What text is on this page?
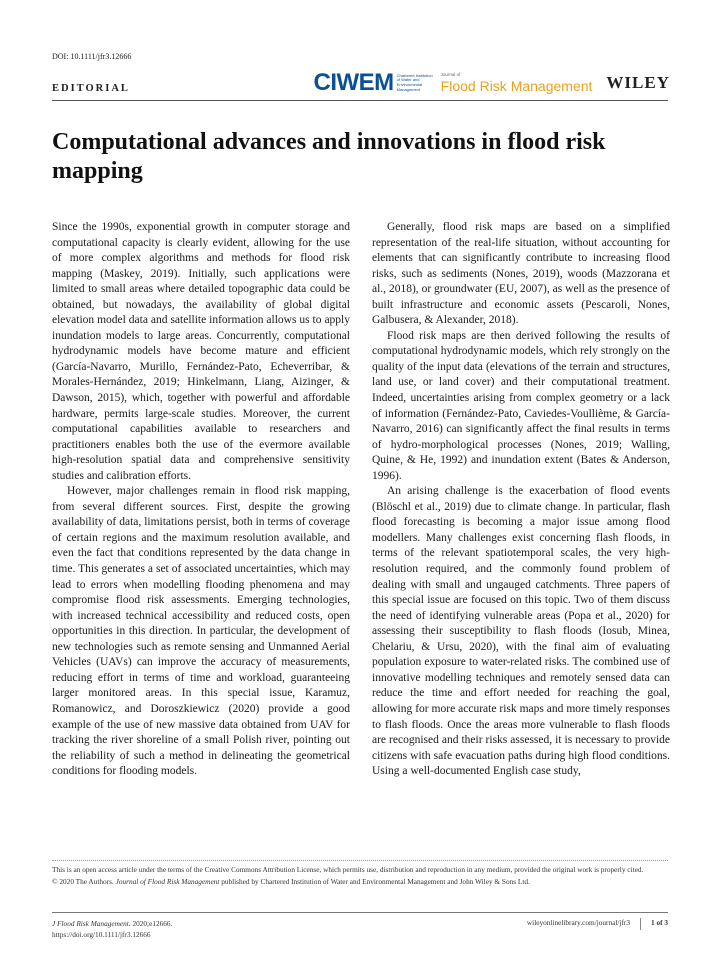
DOI: 10.1111/jfr3.12666
EDITORIAL	CIWEM Chartered Institution of Water and Environmental Management
Journal of
Flood Risk Management WILEY
Computational advances and innovations in flood risk mapping

Since the 1990s, exponential growth in computer storage and computational capacity is clearly evident, allowing for the use of more complex algorithms and methods for flood risk mapping (Maskey, 2019). Initially, such applications were limited to small areas where detailed topographic data could be obtained, but nowadays, the availability of global digital elevation model data and satellite information allows us to apply inundation models to large areas. Concurrently, computational hydrodynamic models have become mature and efficient (García-Navarro, Murillo, Fernández-Pato, Echeverribar, & Morales-Hernández, 2019; Hinkelmann, Liang, Aizinger, & Dawson, 2015), which, together with powerful and affordable hardware, permits large-scale studies. Moreover, the current computational capabilities available to researchers and practitioners enables both the use of the evermore available high-resolution spatial data and comprehensive sensitivity studies and calibration efforts.

However, major challenges remain in flood risk mapping, from several different sources. First, despite the growing availability of data, limitations persist, both in terms of coverage of certain regions and the maximum resolution available, and even the fact that conditions represented by the data change in time. This generates a set of associated uncertainties, which may lead to errors when modelling flooding phenomena and may compromise flood risk assessments. Emerging technologies, with increased technical accessibility and reduced costs, open opportunities in this direction. In particular, the development of new technologies such as remote sensing and Unmanned Aerial Vehicles (UAVs) can improve the accuracy of measurements, reducing effort in terms of time and workload, guaranteeing larger monitored areas. In this special issue, Karamuz, Romanowicz, and Doroszkiewicz (2020) provide a good example of the use of new massive data obtained from UAV for tracking the river shoreline of a small Polish river, pointing out the reliability of such a method in delineating the geometrical conditions for flooding models.

Generally, flood risk maps are based on a simplified representation of the real-life situation, without accounting for elements that can significantly contribute to increasing flood risks, such as sediments (Nones, 2019), woods (Mazzorana et al., 2018), or groundwater (EU, 2007), as well as the presence of built infrastructure and economic assets (Pescaroli, Nones, Galbusera, & Alexander, 2018).

Flood risk maps are then derived following the results of computational hydrodynamic models, which rely strongly on the quality of the input data (elevations of the terrain and structures, land use, or land cover) and their computational treatment. Indeed, uncertainties arising from complex geometry or a lack of information (Fernández-Pato, Caviedes-Voullième, & García-Navarro, 2016) can significantly affect the final results in terms of hydro-morphological processes (Nones, 2019; Walling, Quine, & He, 1992) and inundation extent (Bates & Anderson, 1996).

An arising challenge is the exacerbation of flood events (Blöschl et al., 2019) due to climate change. In particular, flash flood forecasting is becoming a major issue among flood modellers. Many challenges exist concerning flash floods, in terms of the relevant spatiotemporal scales, the very high-resolution required, and the commonly found problem of dealing with small and ungauged catchments. Three papers of this special issue are focused on this topic. Two of them discuss the need of identifying vulnerable areas (Popa et al., 2020) for assessing their susceptibility to flash floods (Iosub, Minea, Chelariu, & Ursu, 2020), with the final aim of evaluating population exposure to water-related risks. The combined use of innovative modelling techniques and remotely sensed data can reduce the time and effort needed for reaching the goal, allowing for more accurate risk maps and more timely responses to flash floods. Once the areas more vulnerable to flash floods are recognised and their risks assessed, it is necessary to provide citizens with safe evacuation paths during high flood conditions. Using a well-documented English case study,

This is an open access article under the terms of the Creative Commons Attribution License, which permits use, distribution and reproduction in any medium, provided the original work is properly cited.

© 2020 The Authors. Journal of Flood Risk Management published by Chartered Institution of Water and Environmental Management and John Wiley & Sons Ltd.

J Flood Risk Management. 2020;e12666.
https://doi.org/10.1111/jfr3.12666
wileyonlinelibrary.com/journal/jfr3	1 of 3
